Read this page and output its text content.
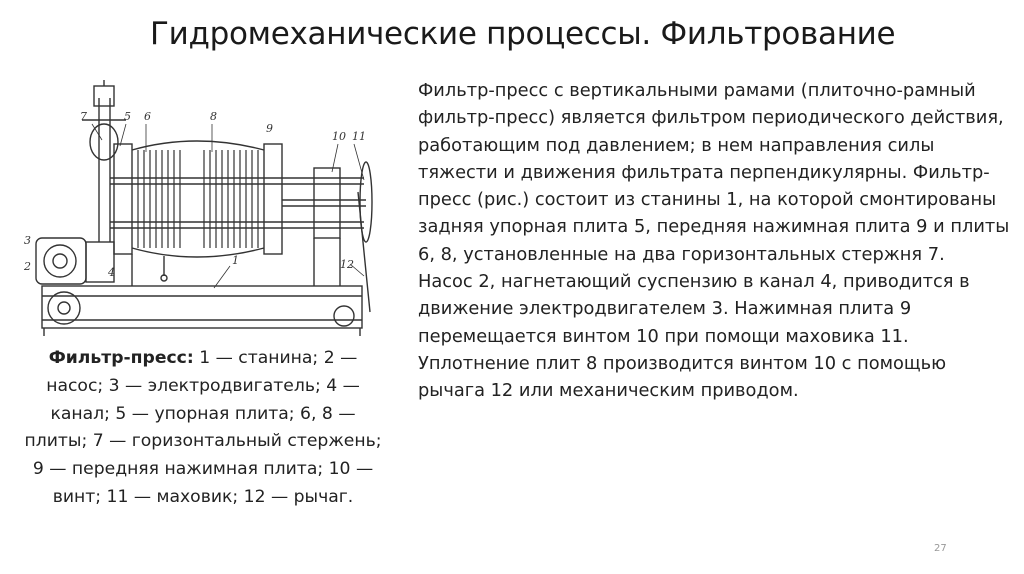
Гидромеханические процессы. Фильтрование
7	5 6	8
3
2	4
9
10 11
12
1
Фильтр-пресс: 1 — станина; 2 — насос; 3 — электродвигатель; 4 — канал; 5 — упорная плита; 6, 8 — плиты; 7 — горизонтальный стержень; 9 — передняя нажимная плита; 10 — винт; 11 — маховик; 12 — рычаг.

Фильтр-пресс с вертикальными рамами (плиточно-рамный фильтр-пресс) является фильтром периодического действия, работающим под давлением; в нем направления силы тяжести и движения фильтрата перпендикулярны. Фильтр-пресс (рис.) состоит из станины 1, на которой смонтированы задняя упорная плита 5, передняя нажимная плита 9 и плиты 6, 8, установленные на два горизонтальных стержня 7.

Насос 2, нагнетающий суспензию в канал 4, приводится в движение электродвигателем 3. Нажимная плита 9 перемещается винтом 10 при помощи маховика 11. Уплотнение плит 8 производится винтом 10 с помощью рычага 12 или механическим приводом.

27
